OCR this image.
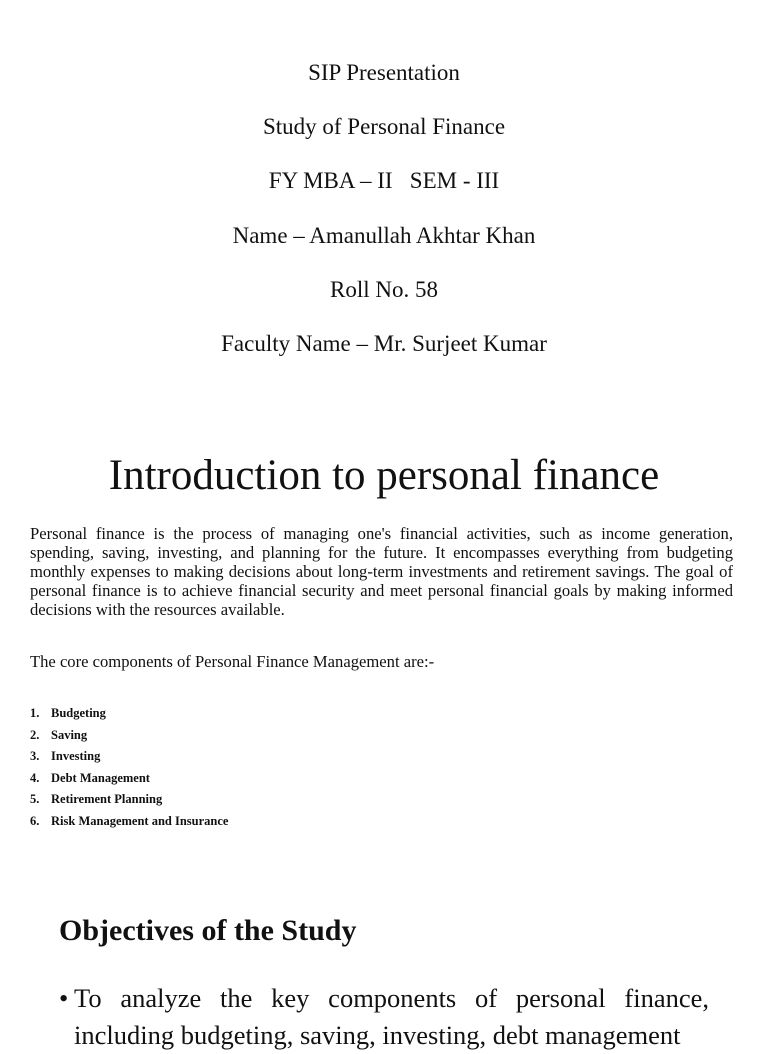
SIP Presentation
Study of Personal Finance
FY MBA – II   SEM - III
Name – Amanullah Akhtar Khan
Roll No. 58
Faculty Name – Mr. Surjeet Kumar
Introduction to personal finance

Personal finance is the process of managing one's financial activities, such as income generation, spending, saving, investing, and planning for the future. It encompasses everything from budgeting monthly expenses to making decisions about long-term investments and retirement savings. The goal of personal finance is to achieve financial security and meet personal financial goals by making informed decisions with the resources available.

The core components of Personal Finance Management are:-

1. Budgeting
2. Saving
3. Investing
4. Debt Management
5. Retirement Planning
6. Risk Management and Insurance
Objectives of the Study
• To analyze the key components of personal finance, including budgeting, saving, investing, debt management
